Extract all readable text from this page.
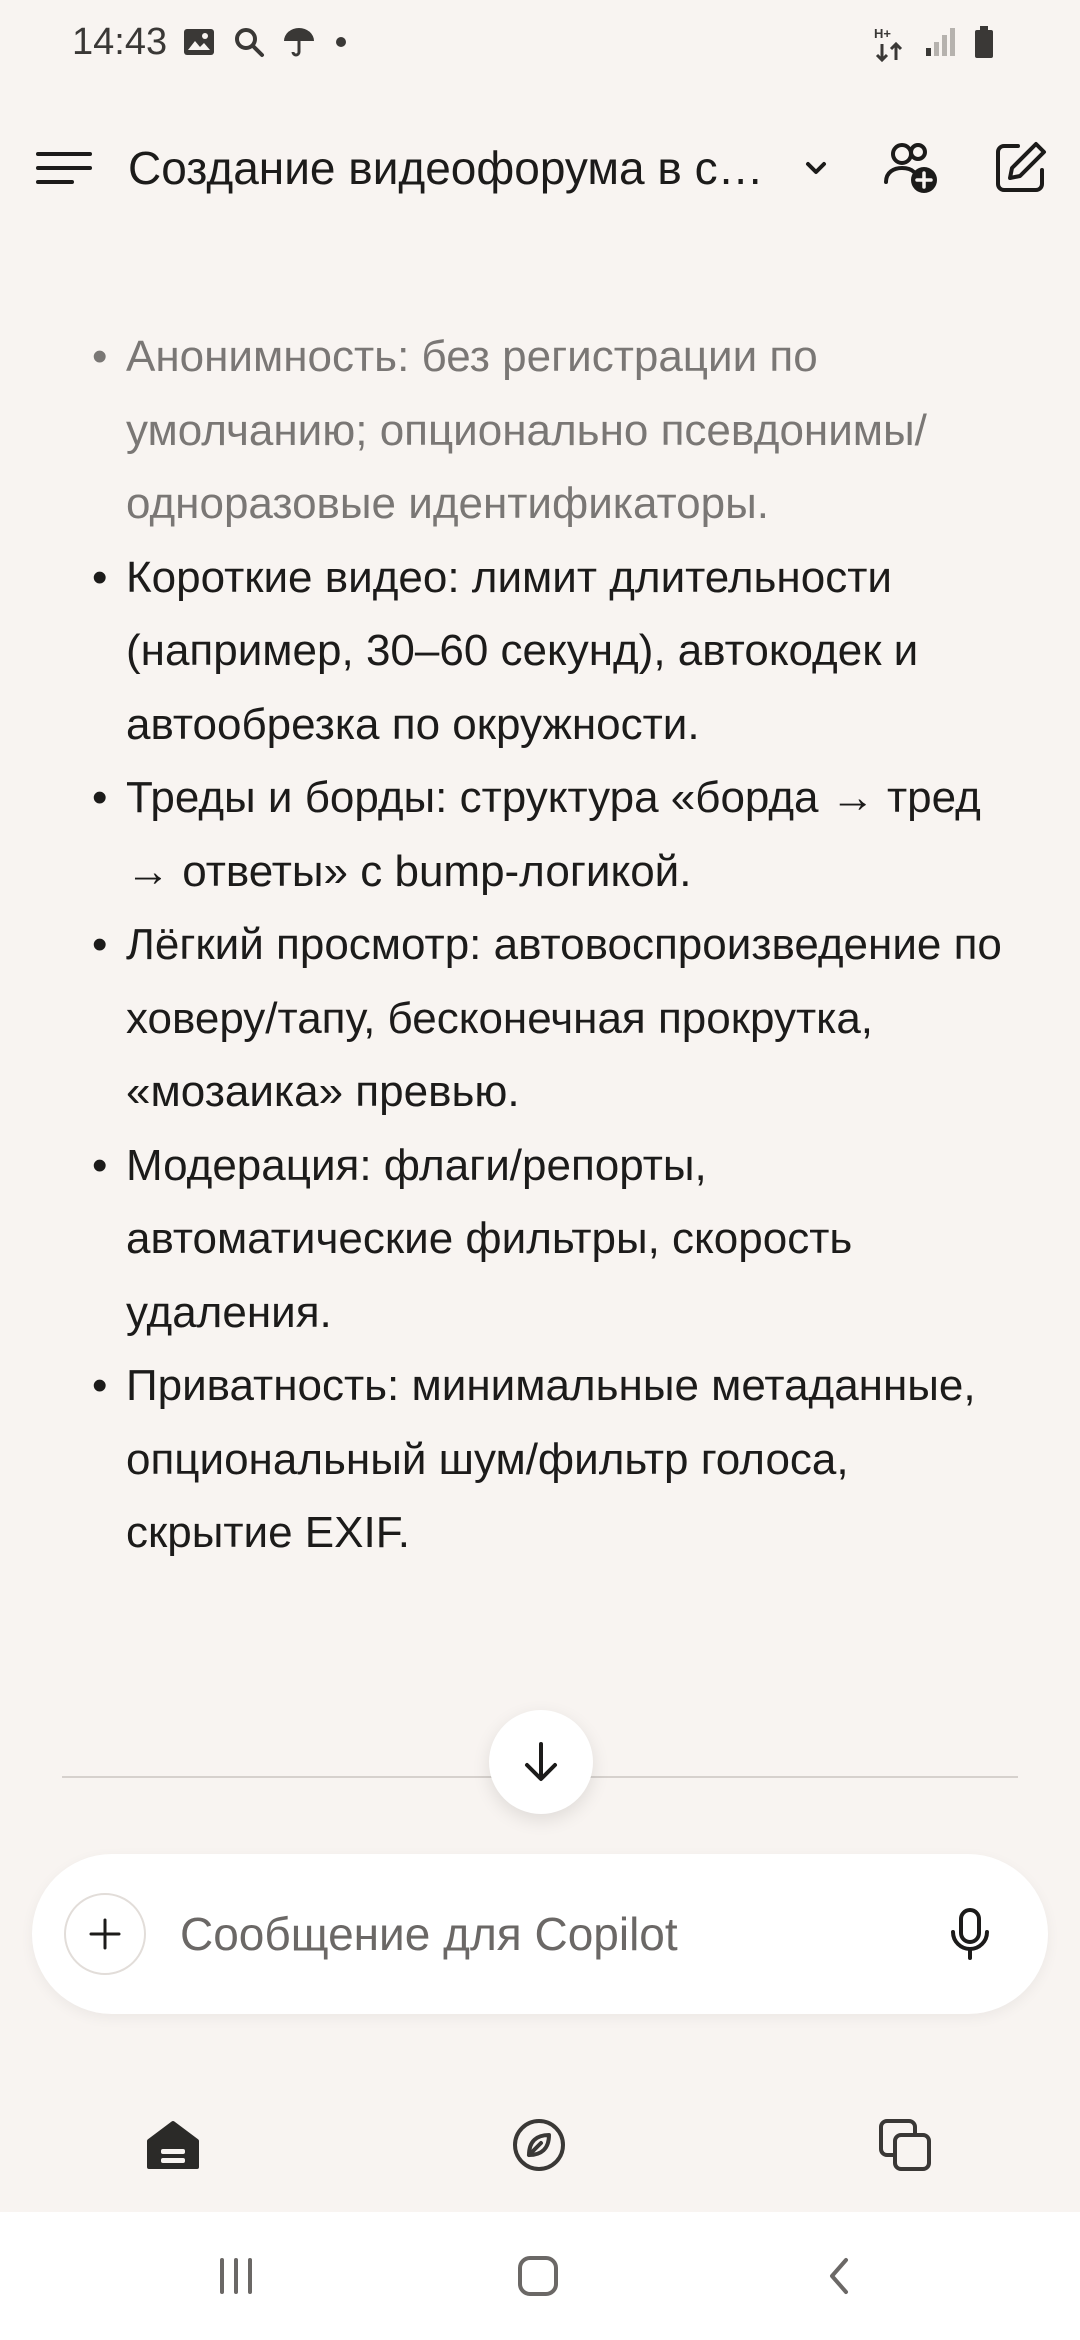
14:43	H+
Создание видеофорума в с…
• Анонимность: без регистрации по умолчанию; опционально псевдонимы/одноразовые идентификаторы.
• Короткие видео: лимит длительности (например, 30–60 секунд), автокодек и автообрезка по окружности.
• Треды и борды: структура «борда → тред → ответы» с bump-логикой.
• Лёгкий просмотр: автовоспроизведение по ховеру/тапу, бесконечная прокрутка, «мозаика» превью.
• Модерация: флаги/репорты, автоматические фильтры, скорость удаления.
• Приватность: минимальные метаданные, опциональный шум/фильтр голоса, скрытие EXIF.
Сообщение для Copilot
